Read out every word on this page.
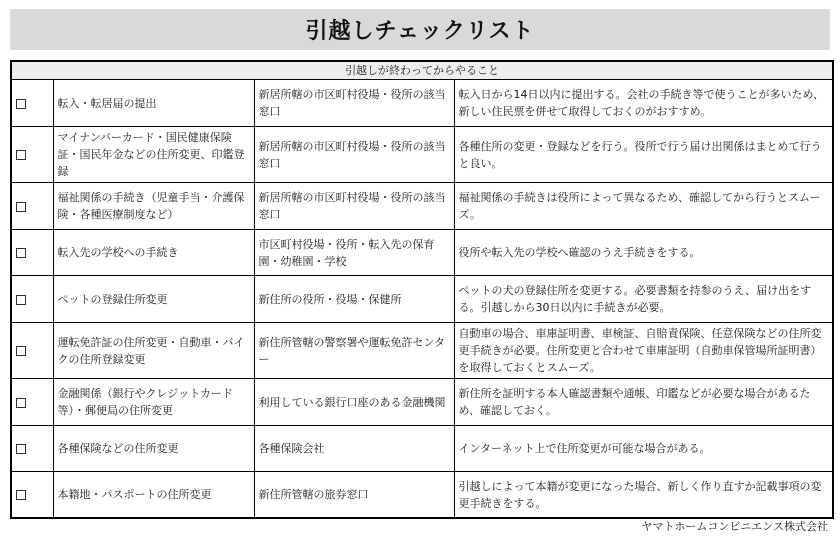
引越しチェックリスト
引越しが終わってからやること			
	転入・転居届の提出	新居所轄の市区町村役場・役所の該当窓口	転入日から14日以内に提出する。会社の手続き等で使うことが多いため、新しい住民票を併せて取得しておくのがおすすめ。
	マイナンバーカード・国民健康保険証・国民年金などの住所変更、印鑑登録	新居所轄の市区町村役場・役所の該当窓口	各種住所の変更・登録などを行う。役所で行う届け出関係はまとめて行うと良い。
	福祉関係の手続き（児童手当・介護保険・各種医療制度など）	新居所轄の市区町村役場・役所の該当窓口	福祉関係の手続きは役所によって異なるため、確認してから行うとスムーズ。
	転入先の学校への手続き	市区町村役場・役所・転入先の保育園・幼稚園・学校	役所や転入先の学校へ確認のうえ手続きをする。
	ペットの登録住所変更	新住所の役所・役場・保健所	ペットの犬の登録住所を変更する。必要書類を持参のうえ、届け出をする。引越しから30日以内に手続きが必要。
	運転免許証の住所変更・自動車・バイクの住所登録変更	新住所管轄の警察署や運転免許センター	自動車の場合、車庫証明書、車検証、自賠責保険、任意保険などの住所変更手続きが必要。住所変更と合わせて車庫証明（自動車保管場所証明書）を取得しておくとスムーズ。
	金融関係（銀行やクレジットカード等）・郵便局の住所変更	利用している銀行口座のある金融機関	新住所を証明する本人確認書類や通帳、印鑑などが必要な場合があるため、確認しておく。
	各種保険などの住所変更	各種保険会社	インターネット上で住所変更が可能な場合がある。
	本籍地・パスポートの住所変更	新住所管轄の旅券窓口	引越しによって本籍が変更になった場合、新しく作り直すか記載事項の変更手続きをする。
ヤマトホームコンビニエンス株式会社
